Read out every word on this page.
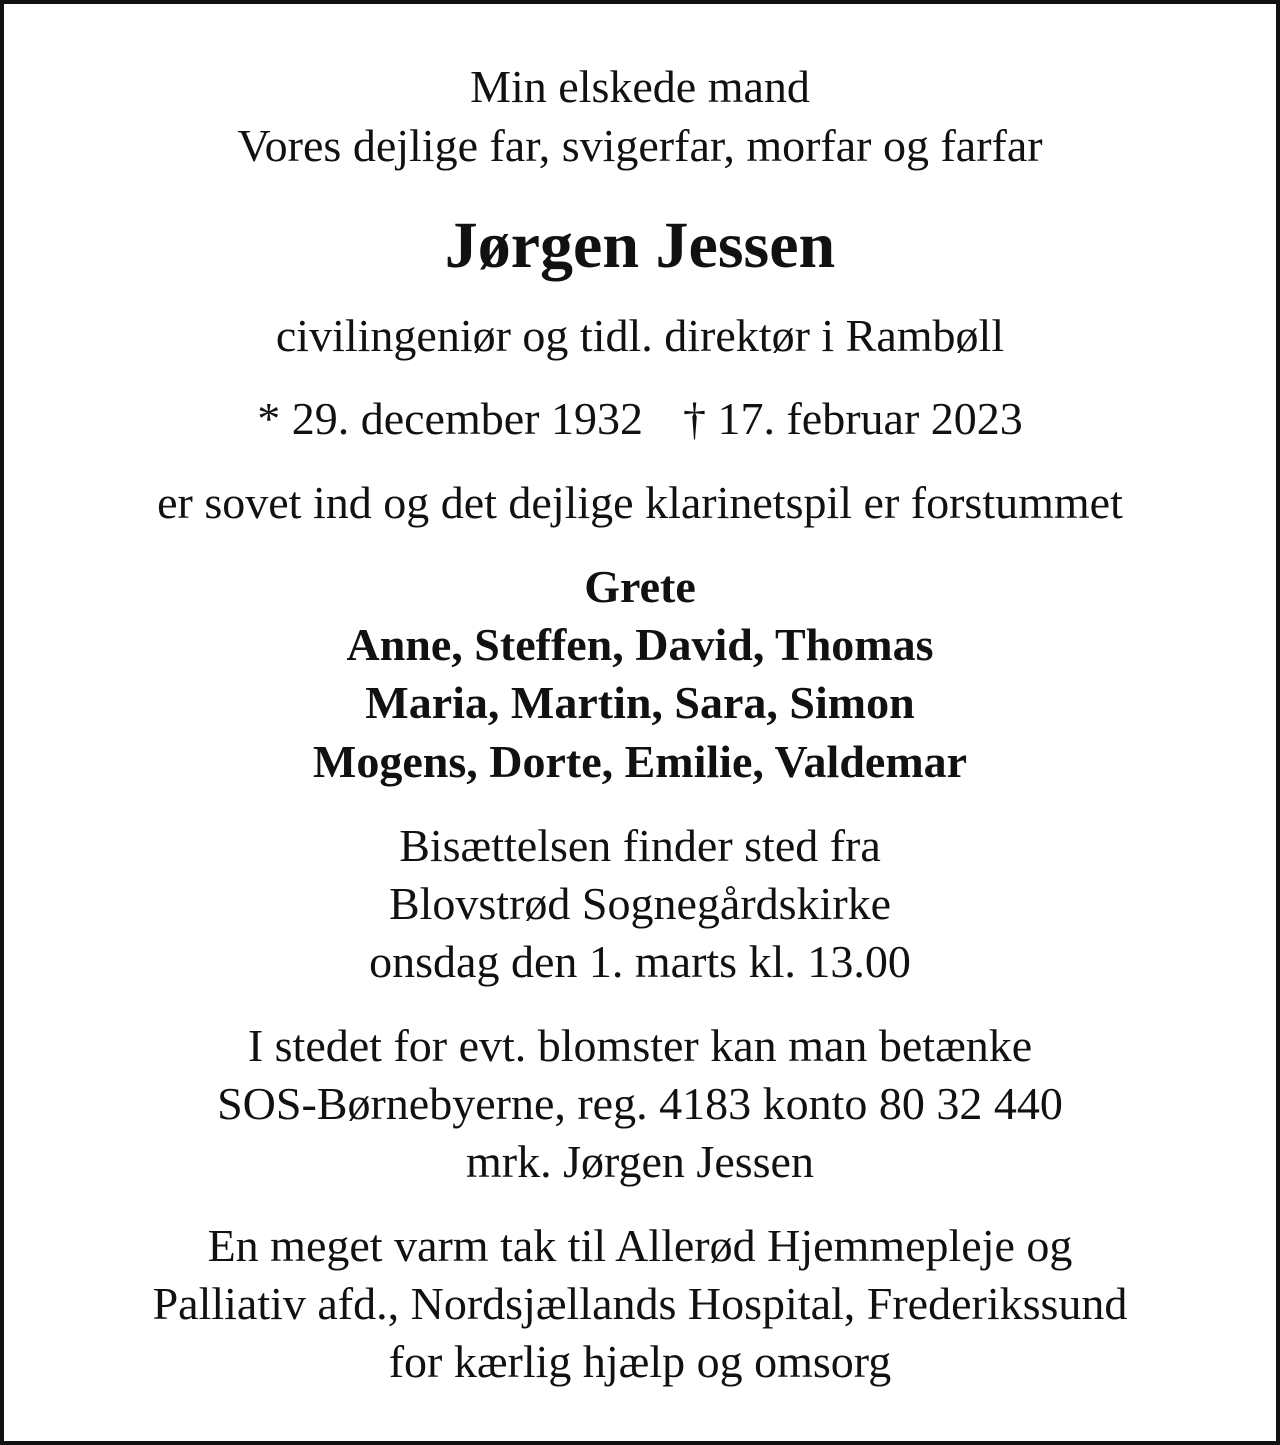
Min elskede mand
Vores dejlige far, svigerfar, morfar og farfar
Jørgen Jessen
civilingeniør og tidl. direktør i Rambøll
* 29. december 1932 † 17. februar 2023
er sovet ind og det dejlige klarinetspil er forstummet
Grete
Anne, Steffen, David, Thomas
Maria, Martin, Sara, Simon
Mogens, Dorte, Emilie, Valdemar
Bisættelsen finder sted fra
Blovstrød Sognegårdskirke
onsdag den 1. marts kl. 13.00
I stedet for evt. blomster kan man betænke
SOS-Børnebyerne, reg. 4183 konto 80 32 440
mrk. Jørgen Jessen
En meget varm tak til Allerød Hjemmepleje og
Palliativ afd., Nordsjællands Hospital, Frederikssund
for kærlig hjælp og omsorg
